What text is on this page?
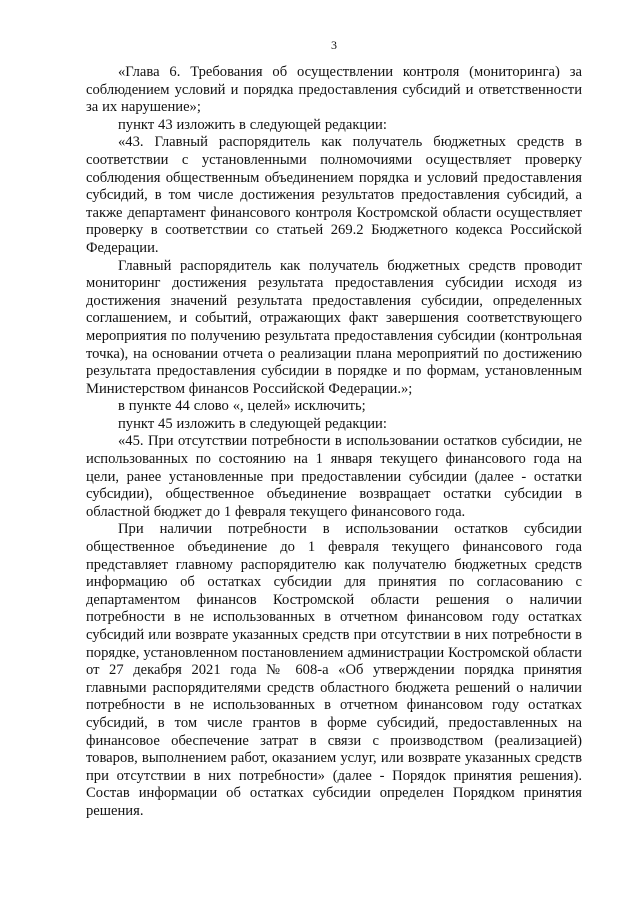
3

«Глава 6. Требования об осуществлении контроля (мониторинга) за соблюдением условий и порядка предоставления субсидий и ответственности за их нарушение»;

пункт 43 изложить в следующей редакции:

«43. Главный распорядитель как получатель бюджетных средств в соответствии с установленными полномочиями осуществляет проверку соблюдения общественным объединением порядка и условий предоставления субсидий, в том числе достижения результатов предоставления субсидий, а также департамент финансового контроля Костромской области осуществляет проверку в соответствии со статьей 269.2 Бюджетного кодекса Российской Федерации.

Главный распорядитель как получатель бюджетных средств проводит мониторинг достижения результата предоставления субсидии исходя из достижения значений результата предоставления субсидии, определенных соглашением, и событий, отражающих факт завершения соответствующего мероприятия по получению результата предоставления субсидии (контрольная точка), на основании отчета о реализации плана мероприятий по достижению результата предоставления субсидии в порядке и по формам, установленным Министерством финансов Российской Федерации.»;

в пункте 44 слово «, целей» исключить;

пункт 45 изложить в следующей редакции:

«45. При отсутствии потребности в использовании остатков субсидии, не использованных по состоянию на 1 января текущего финансового года на цели, ранее установленные при предоставлении субсидии (далее - остатки субсидии), общественное объединение возвращает остатки субсидии в областной бюджет до 1 февраля текущего финансового года.

При наличии потребности в использовании остатков субсидии общественное объединение до 1 февраля текущего финансового года представляет главному распорядителю как получателю бюджетных средств информацию об остатках субсидии для принятия по согласованию с департаментом финансов Костромской области решения о наличии потребности в не использованных в отчетном финансовом году остатках субсидий или возврате указанных средств при отсутствии в них потребности в порядке, установленном постановлением администрации Костромской области от 27 декабря 2021 года № 608-а «Об утверждении порядка принятия главными распорядителями средств областного бюджета решений о наличии потребности в не использованных в отчетном финансовом году остатках субсидий, в том числе грантов в форме субсидий, предоставленных на финансовое обеспечение затрат в связи с производством (реализацией) товаров, выполнением работ, оказанием услуг, или возврате указанных средств при отсутствии в них потребности» (далее - Порядок принятия решения). Состав информации об остатках субсидии определен Порядком принятия решения.
